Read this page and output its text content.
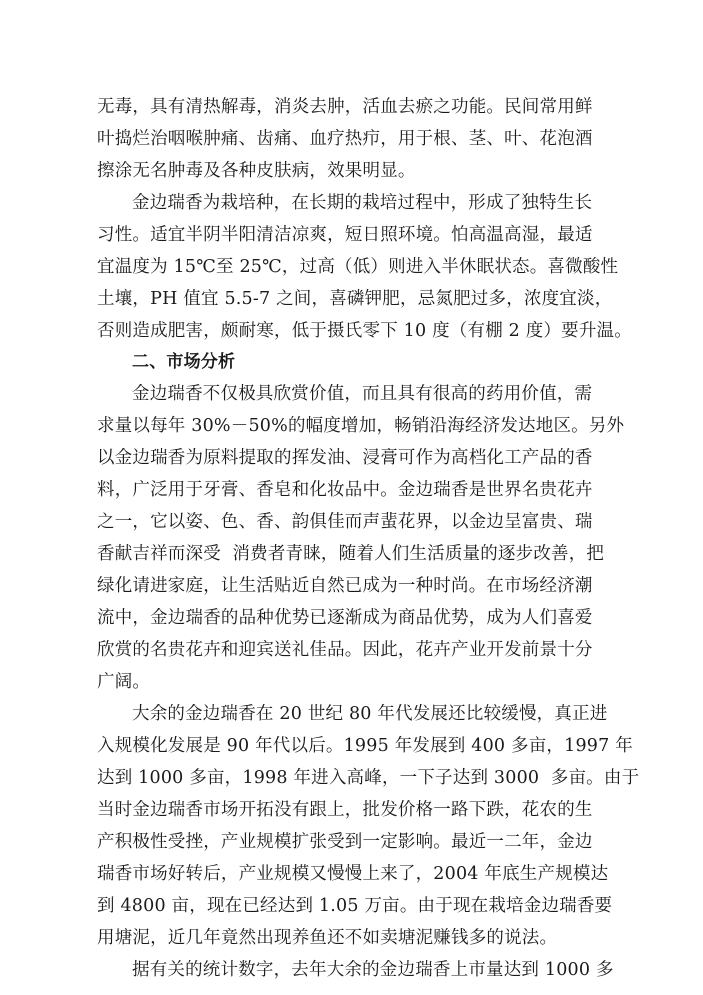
无毒，具有清热解毒，消炎去肿，活血去瘀之功能。民间常用鲜
叶捣烂治咽喉肿痛、齿痛、血疗热疖，用于根、茎、叶、花泡酒
擦涂无名肿毒及各种皮肤病，效果明显。
金边瑞香为栽培种，在长期的栽培过程中，形成了独特生长
习性。适宜半阴半阳清洁凉爽，短日照环境。怕高温高湿，最适
宜温度为 15℃至 25℃，过高（低）则进入半休眠状态。喜微酸性
土壤，PH 值宜 5.5-7 之间，喜磷钾肥，忌氮肥过多，浓度宜淡，
否则造成肥害，颇耐寒，低于摄氏零下 10 度（有棚 2 度）要升温。
二、市场分析
金边瑞香不仅极具欣赏价值，而且具有很高的药用价值，需
求量以每年 30%－50%的幅度增加，畅销沿海经济发达地区。另外
以金边瑞香为原料提取的挥发油、浸膏可作为高档化工产品的香
料，广泛用于牙膏、香皂和化妆品中。金边瑞香是世界名贵花卉
之一，它以姿、色、香、韵俱佳而声蜚花界，以金边呈富贵、瑞
香献吉祥而深受  消费者青睐，随着人们生活质量的逐步改善，把
绿化请进家庭，让生活贴近自然已成为一种时尚。在市场经济潮
流中，金边瑞香的品种优势已逐渐成为商品优势，成为人们喜爱
欣赏的名贵花卉和迎宾送礼佳品。因此，花卉产业开发前景十分
广阔。
大余的金边瑞香在 20 世纪 80 年代发展还比较缓慢，真正进
入规模化发展是 90 年代以后。1995 年发展到 400 多亩，1997 年
达到 1000 多亩，1998 年进入高峰，一下子达到 3000  多亩。由于
当时金边瑞香市场开拓没有跟上，批发价格一路下跌，花农的生
产积极性受挫，产业规模扩张受到一定影响。最近一二年，金边
瑞香市场好转后，产业规模又慢慢上来了，2004 年底生产规模达
到 4800 亩，现在已经达到 1.05 万亩。由于现在栽培金边瑞香要
用塘泥，近几年竟然出现养鱼还不如卖塘泥赚钱多的说法。
据有关的统计数字，去年大余的金边瑞香上市量达到 1000 多
